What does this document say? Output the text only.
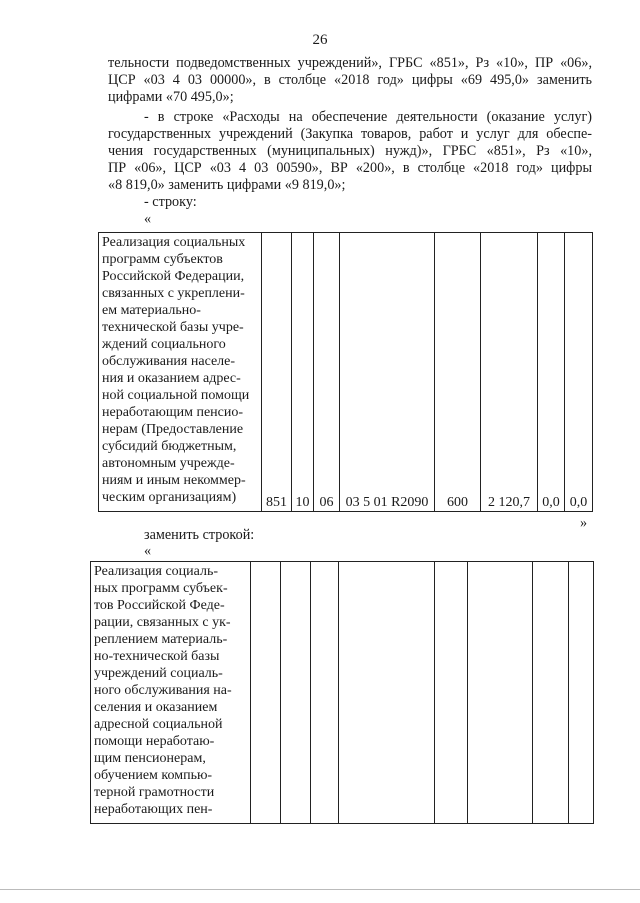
26
тельности подведомственных учреждений», ГРБС «851», Рз «10», ПР «06»,
ЦСР «03 4 03 00000», в столбце «2018 год» цифры «69 495,0» заменить
цифрами «70 495,0»;
- в строке «Расходы на обеспечение деятельности (оказание услуг)
государственных учреждений (Закупка товаров, работ и услуг для обеспе-
чения государственных (муниципальных) нужд)», ГРБС «851», Рз «10»,
ПР «06», ЦСР «03 4 03 00590», ВР «200», в столбце «2018 год» цифры
«8 819,0» заменить цифрами «9 819,0»;
- строку:
«
Реализация социальных
программ субъектов
Российской Федерации,
связанных с укреплени-
ем материально-
технической базы учре-
ждений социального
обслуживания населе-
ния и оказанием адрес-
ной социальной помощи
неработающим пенсио-
нерам (Предоставление
субсидий бюджетным,
автономным учрежде-
ниям и иным некоммер-
ческим организациям)	851	10	06	03 5 01 R2090	600	2 120,7	0,0	0,0
»
заменить строкой:
«
Реализация социаль-
ных программ субъек-
тов Российской Феде-
рации, связанных с ук-
реплением материаль-
но-технической базы
учреждений социаль-
ного обслуживания на-
селения и оказанием
адресной социальной
помощи неработаю-
щим пенсионерам,
обучением компью-
терной грамотности
неработающих пен-
